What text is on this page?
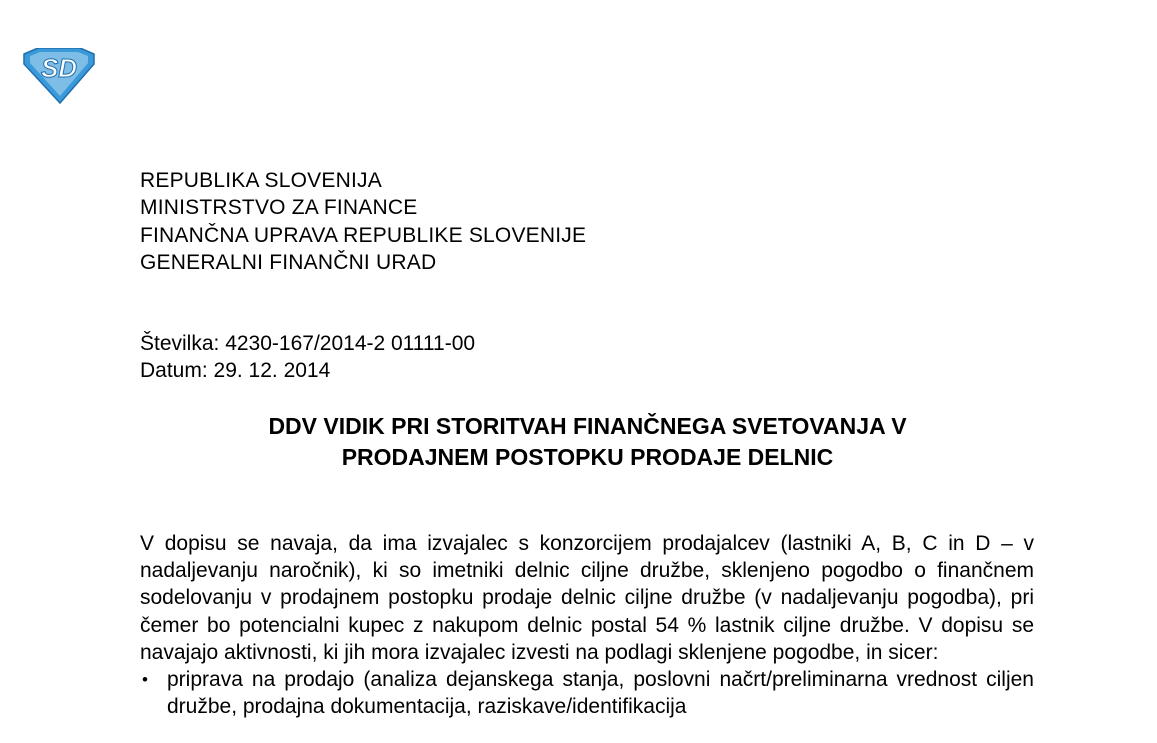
SD
REPUBLIKA SLOVENIJA
MINISTRSTVO ZA FINANCE
FINANČNA UPRAVA REPUBLIKE SLOVENIJE
GENERALNI FINANČNI URAD
Številka: 4230-167/2014-2 01111-00
Datum: 29. 12. 2014
DDV VIDIK PRI STORITVAH FINANČNEGA SVETOVANJA V
PRODAJNEM POSTOPKU PRODAJE DELNIC

V dopisu se navaja, da ima izvajalec s konzorcijem prodajalcev (lastniki A, B, C in D – v nadaljevanju naročnik), ki so imetniki delnic ciljne družbe, sklenjeno pogodbo o finančnem sodelovanju v prodajnem postopku prodaje delnic ciljne družbe (v nadaljevanju pogodba), pri čemer bo potencialni kupec z nakupom delnic postal 54 % lastnik ciljne družbe. V dopisu se navajajo aktivnosti, ki jih mora izvajalec izvesti na podlagi sklenjene pogodbe, in sicer:

• priprava na prodajo (analiza dejanskega stanja, poslovni načrt/preliminarna vrednost ciljen družbe, prodajna dokumentacija, raziskave/identifikacija
